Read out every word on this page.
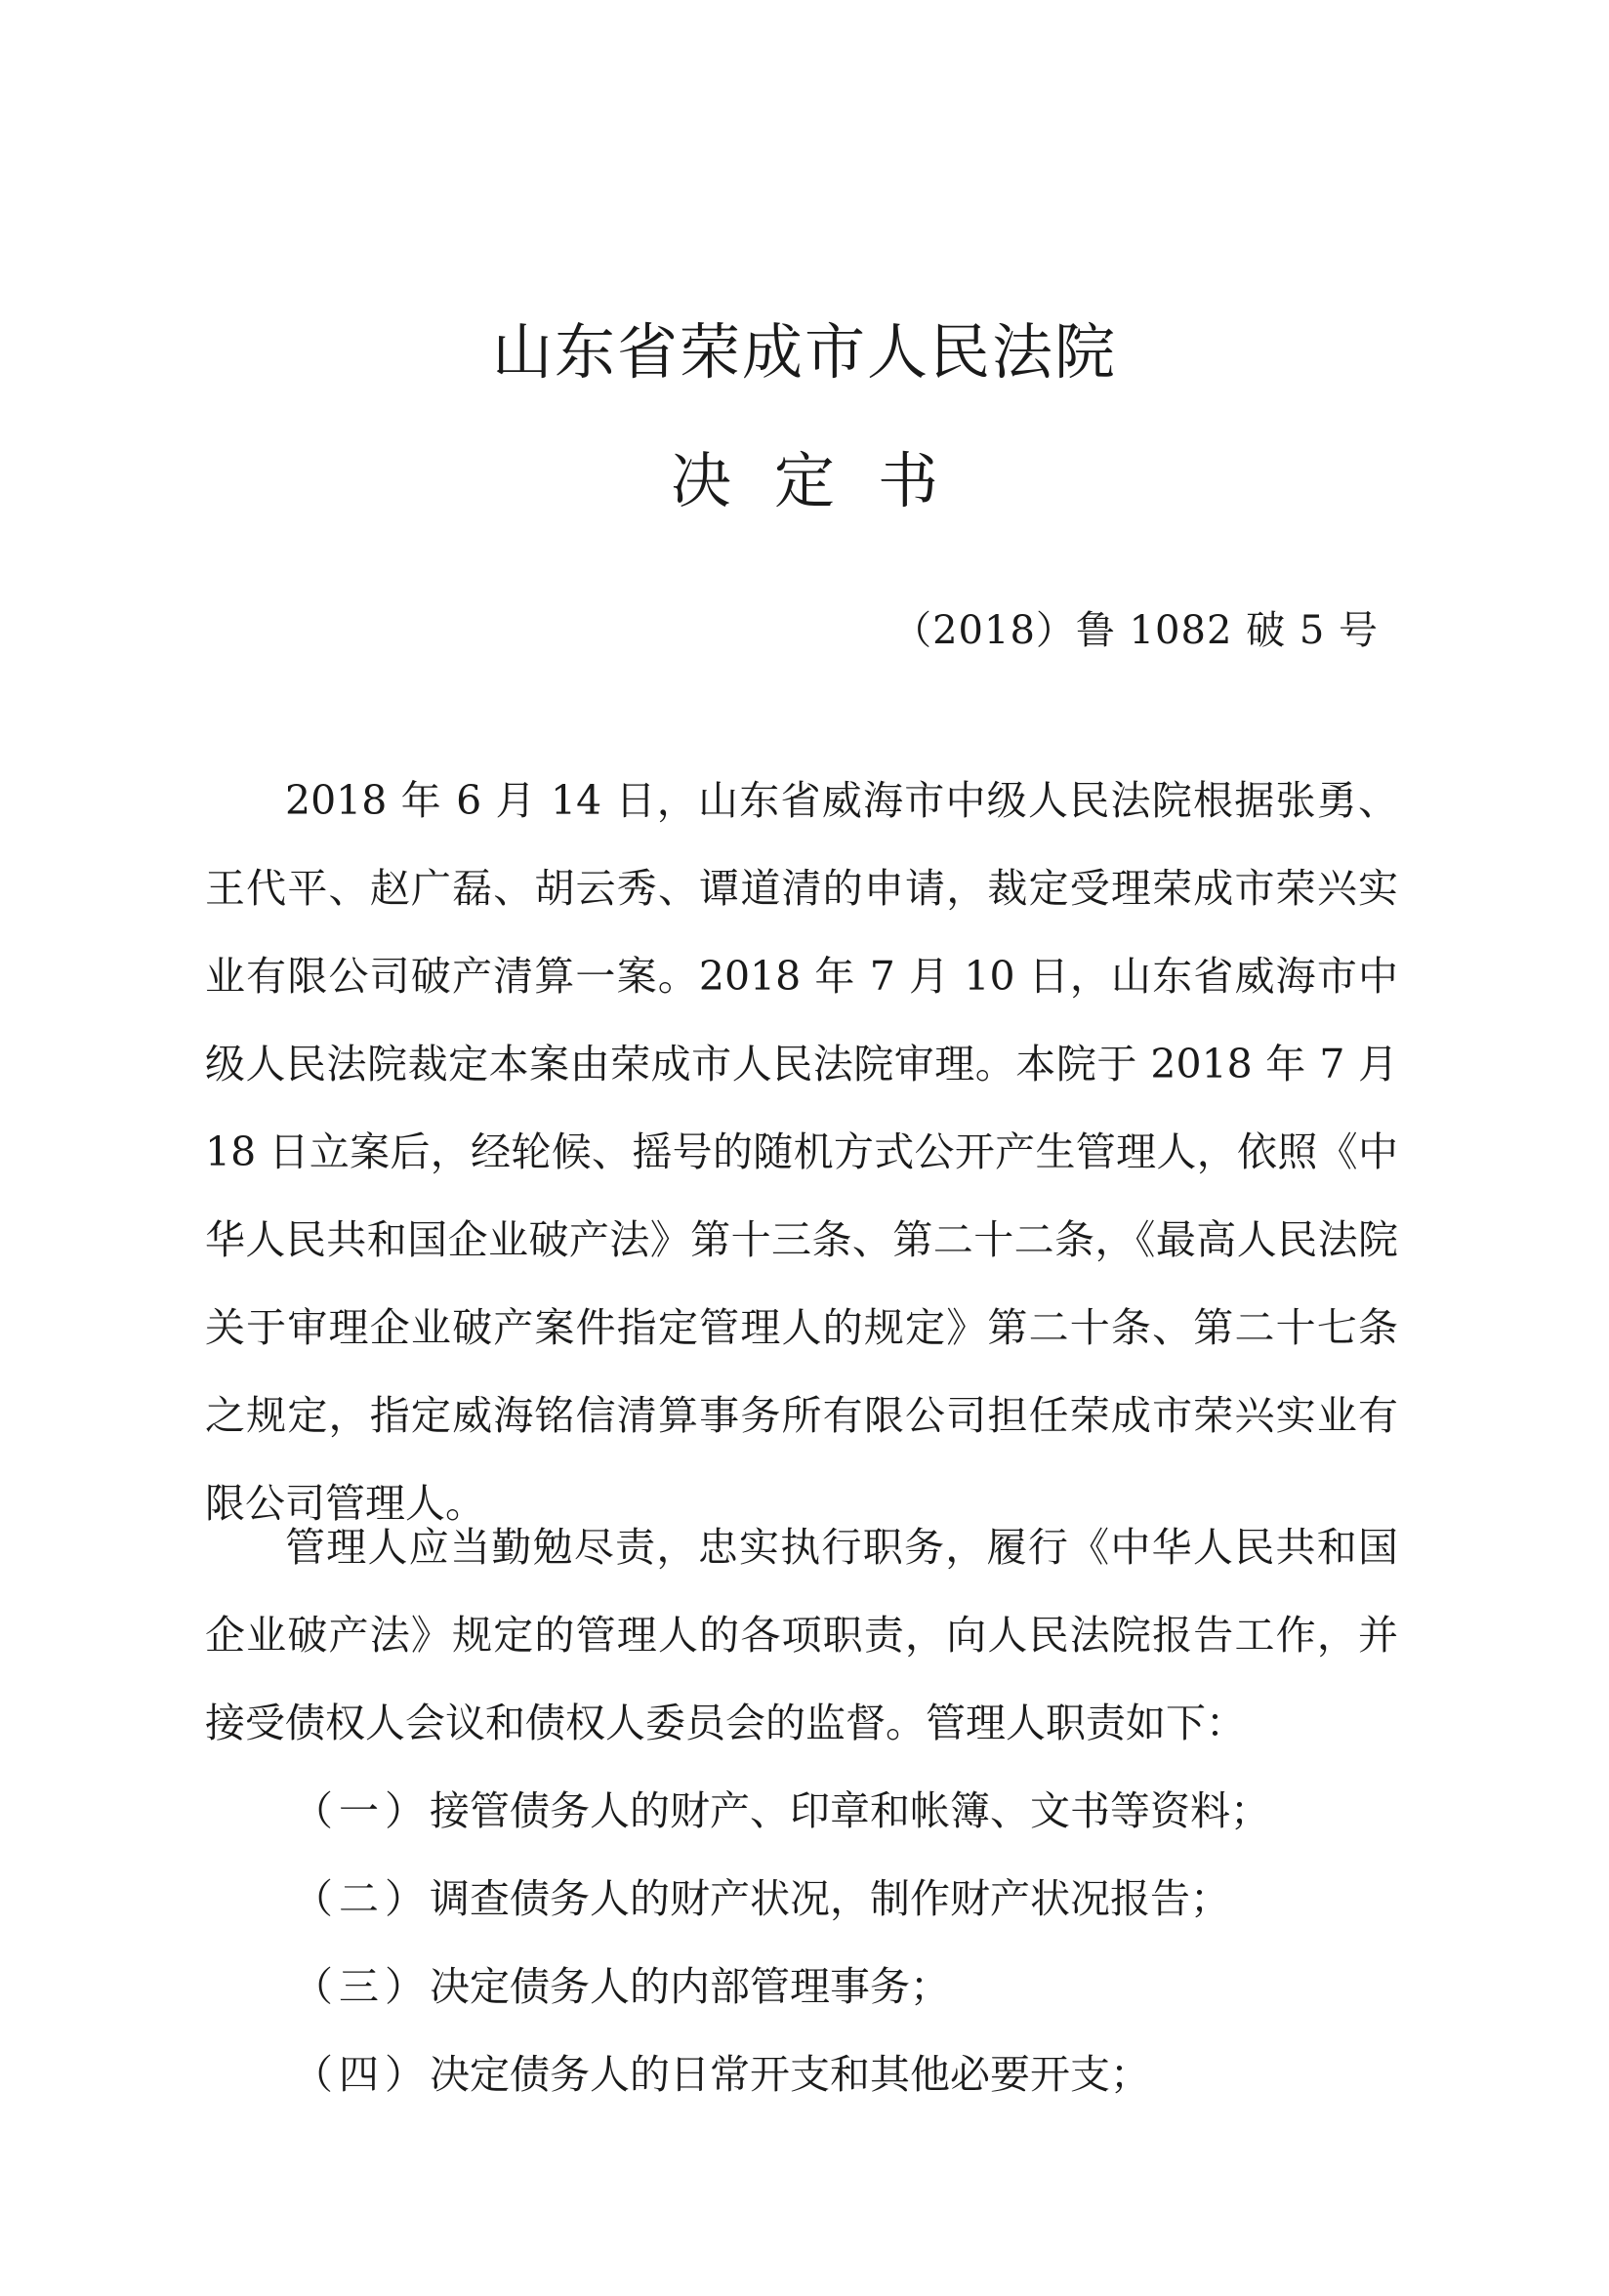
山东省荣成市人民法院
决定书
（2018）鲁 1082 破 5 号

2018 年 6 月 14 日，山东省威海市中级人民法院根据张勇、王代平、赵广磊、胡云秀、谭道清的申请，裁定受理荣成市荣兴实业有限公司破产清算一案。2018 年 7 月 10 日，山东省威海市中级人民法院裁定本案由荣成市人民法院审理。本院于 2018 年 7 月 18 日立案后，经轮候、摇号的随机方式公开产生管理人，依照《中华人民共和国企业破产法》第十三条、第二十二条，《最高人民法院关于审理企业破产案件指定管理人的规定》第二十条、第二十七条之规定，指定威海铭信清算事务所有限公司担任荣成市荣兴实业有限公司管理人。

管理人应当勤勉尽责，忠实执行职务，履行《中华人民共和国企业破产法》规定的管理人的各项职责，向人民法院报告工作，并接受债权人会议和债权人委员会的监督。管理人职责如下：

（一） 接管债务人的财产、印章和帐簿、文书等资料；
（二） 调查债务人的财产状况，制作财产状况报告；
（三） 决定债务人的内部管理事务；
（四） 决定债务人的日常开支和其他必要开支；
